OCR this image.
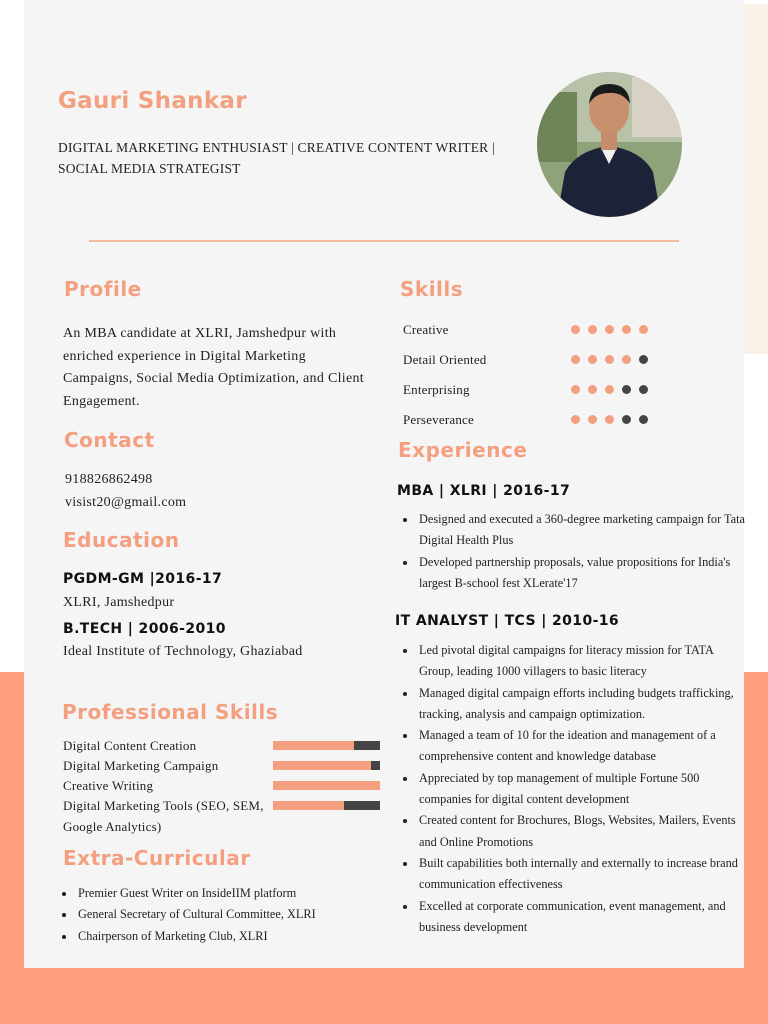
Gauri Shankar
DIGITAL MARKETING ENTHUSIAST | CREATIVE CONTENT WRITER | SOCIAL MEDIA STRATEGIST
Profile
An MBA candidate at XLRI, Jamshedpur with enriched experience in Digital Marketing Campaigns, Social Media Optimization, and Client Engagement.
Contact
918826862498
visist20@gmail.com
Education
PGDM-GM |2016-17
XLRI, Jamshedpur
B.TECH | 2006-2010
Ideal Institute of Technology, Ghaziabad
Skills
Creative
Detail Oriented
Enterprising
Perseverance
Experience
MBA | XLRI | 2016-17
Designed and executed a 360-degree marketing campaign for Tata Digital Health Plus
Developed partnership proposals, value propositions for India's largest B-school fest XLerate'17
IT ANALYST | TCS | 2010-16
Led pivotal digital campaigns for literacy mission for TATA Group, leading 1000 villagers to basic literacy
Managed digital campaign efforts including budgets trafficking, tracking, analysis and campaign optimization.
Managed a team of 10 for the ideation and management of a comprehensive content and knowledge database
Appreciated by top management of multiple Fortune 500 companies for digital content development
Created content for Brochures, Blogs, Websites, Mailers, Events and Online Promotions
Built capabilities both internally and externally to increase brand communication effectiveness
Excelled at corporate communication, event management, and business development
Professional Skills
Digital Content Creation
Digital Marketing Campaign
Creative Writing
Digital Marketing Tools (SEO, SEM, Google Analytics)
Extra-Curricular
Premier Guest Writer on InsideIIM platform
General Secretary of Cultural Committee, XLRI
Chairperson of Marketing Club, XLRI
